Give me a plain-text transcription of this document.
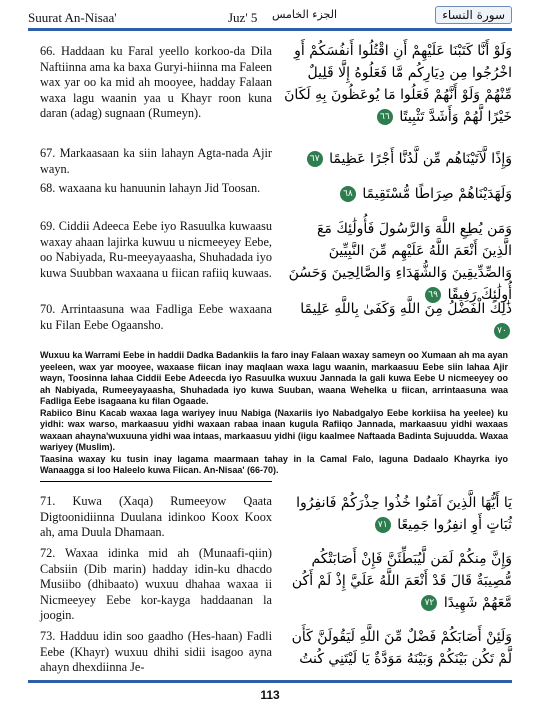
Suurat An-Nisaa'	Juz' 5 الجزء الخامس	سورة النساء
66. Haddaan ku Faral yeello korkoo-da Dila Naftiinna ama ka baxa Guryi-hiinna ma Faleen wax yar oo ka mid ah mooyee, hadday Falaan waxa lagu waanin yaa u Khayr roon kuna daran (adag) sugnaan (Rumeyn).
وَلَوْ أَنَّا كَتَبْنَا عَلَيْهِمْ أَنِ اقْتُلُوا أَنفُسَكُمْ أَوِ اخْرُجُوا مِن دِيَارِكُم مَّا فَعَلُوهُ إِلَّا قَلِيلٌ مِّنْهُمْ وَلَوْ أَنَّهُمْ فَعَلُوا مَا يُوعَظُونَ بِهِ لَكَانَ خَيْرًا لَّهُمْ وَأَشَدَّ تَثْبِيتًا ٦٦
67. Markaasaan ka siin lahayn Agta-nada Ajir wayn.
وَإِذًا لَّآتَيْنَاهُم مِّن لَّدُنَّا أَجْرًا عَظِيمًا ٦٧
68. waxaana ku hanuunin lahayn Jid Toosan.	وَلَهَدَيْنَاهُمْ صِرَاطًا مُّسْتَقِيمًا ٦٨
69. Ciddii Adeeca Eebe iyo Rasuulka kuwaasu waxay ahaan lajirka kuwuu u nicmeeyey Eebe, oo Nabiyada, Ru-meeyayaasha, Shuhadada iyo kuwa Suubban waxaana u fiican rafiiq kuwaas.
وَمَن يُطِعِ اللَّهَ وَالرَّسُولَ فَأُولَٰئِكَ مَعَ الَّذِينَ أَنْعَمَ اللَّهُ عَلَيْهِم مِّنَ النَّبِيِّينَ وَالصِّدِّيقِينَ وَالشُّهَدَاءِ وَالصَّالِحِينَ وَحَسُنَ أُولَٰئِكَ رَفِيقًا ٦٩
70. Arrintaasuna waa Fadliga Eebe waxaana ku Filan Eebe Ogaansho.
ذَٰلِكَ الْفَضْلُ مِنَ اللَّهِ وَكَفَىٰ بِاللَّهِ عَلِيمًا ٧٠

Wuxuu ka Warrami Eebe in haddii Dadka Badankiis la faro inay Falaan waxay sameyn oo Xumaan ah ma ayan yeeleen, wax yar mooyee, waxaase fiican inay maqlaan waxa lagu waanin, markaasuu Eebe siin lahaa Ajir wayn, Toosinna lahaa Ciddii Eebe Adeecda iyo Rasuulka wuxuu Jannada la gali kuwa Eebe U nicmeeyey oo ah Nabiyada, Rumeeyayaasha, Shuhadada iyo kuwa Suuban, waana Wehelka u fiican, arrintaasuna waa Fadliga Eebe isagaana ku filan Ogaade.

Rabiico Binu Kacab waxaa laga wariyey inuu Nabiga (Naxariis iyo Nabadgalyo Eebe korkiisa ha yeelee) ku yidhi: wax warso, markaasuu yidhi waxaan rabaa inaan kugula Rafiiqo Jannada, markaasuu yidhi waxaas waxaan ahayna'wuxuuna yidhi waa intaas, markaasuu yidhi (iigu kaalmee Naftaada Badinta Sujuudda. Waxaa wariyey (Muslim).

Taasina waxay ku tusin inay lagama maarmaan tahay in la Camal Falo, laguna Dadaalo Khayrka iyo Wanaagga si loo Haleelo kuwa Fiican. An-Nisaa' (66-70).

71. Kuwa (Xaqa) Rumeeyow Qaata Digtoonidiinna Duulana idinkoo Koox Koox ah, ama Duula Dhamaan.
يَا أَيُّهَا الَّذِينَ آمَنُوا خُذُوا حِذْرَكُمْ فَانفِرُوا ثُبَاتٍ أَوِ انفِرُوا جَمِيعًا ٧١
72. Waxaa idinka mid ah (Munaafi-qiin) Cabsiin (Dib marin) hadday idin-ku dhacdo Musiibo (dhibaato) wuxuu dhahaa waxaa ii Nicmeeyey Eebe kor-kayga haddaanan la joogin.
وَإِنَّ مِنكُمْ لَمَن لَّيُبَطِّئَنَّ فَإِنْ أَصَابَتْكُم مُّصِيبَةٌ قَالَ قَدْ أَنْعَمَ اللَّهُ عَلَيَّ إِذْ لَمْ أَكُن مَّعَهُمْ شَهِيدًا ٧٢
73. Hadduu idin soo gaadho (Hes-haan) Fadli Eebe (Khayr) wuxuu dhihi sidii isagoo ayna ahayn dhexdiinna Je-
وَلَئِنْ أَصَابَكُمْ فَضْلٌ مِّنَ اللَّهِ لَيَقُولَنَّ كَأَن لَّمْ تَكُن بَيْنَكُمْ وَبَيْنَهُ مَوَدَّةٌ يَا لَيْتَنِي كُنتُ
113
